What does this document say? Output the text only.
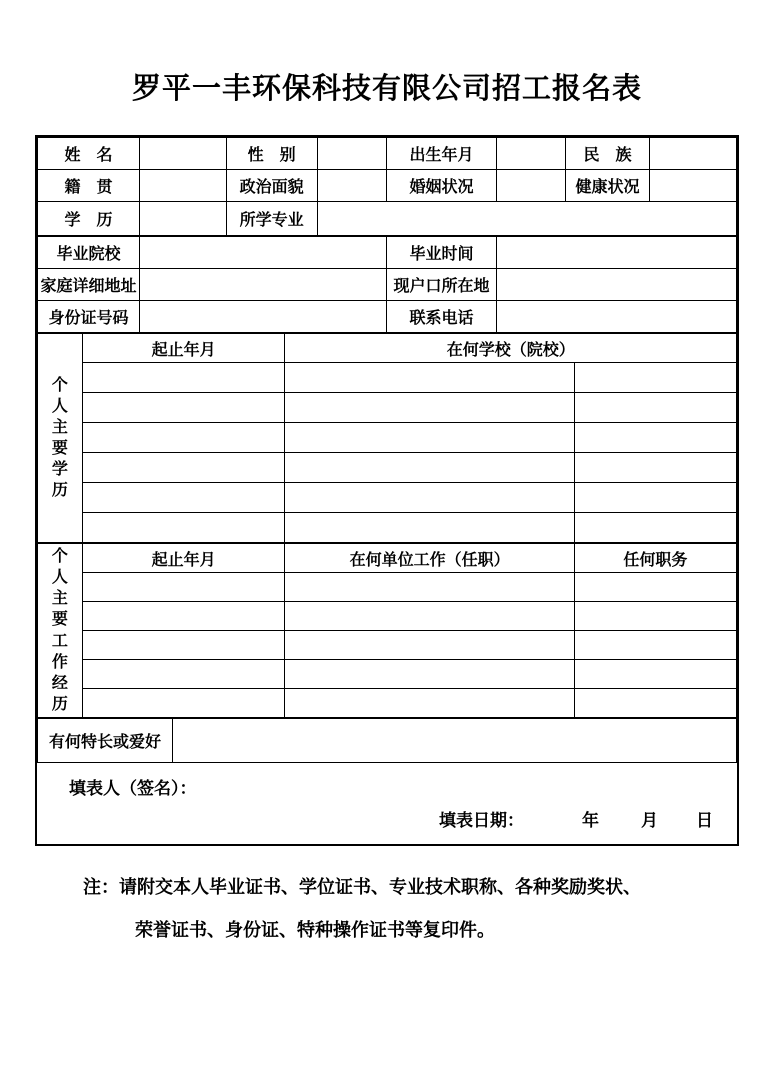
罗平一丰环保科技有限公司招工报名表
姓　名		性　别		出生年月		民　族	
籍　贯		政治面貌		婚姻状况		健康状况	
学　历		所学专业					
毕业院校		毕业时间	
家庭详细地址		现户口所在地	
身份证号码		联系电话	
个人主要学历	起止年月	在何学校（院校）	

个人主要工作经历	起止年月	在何单位工作（任职）	任何职务

有何特长或爱好	
填表人（签名）：
填表日期：	年 月 日
注：请附交本人毕业证书、学位证书、专业技术职称、各种奖励奖状、
荣誉证书、身份证、特种操作证书等复印件。
